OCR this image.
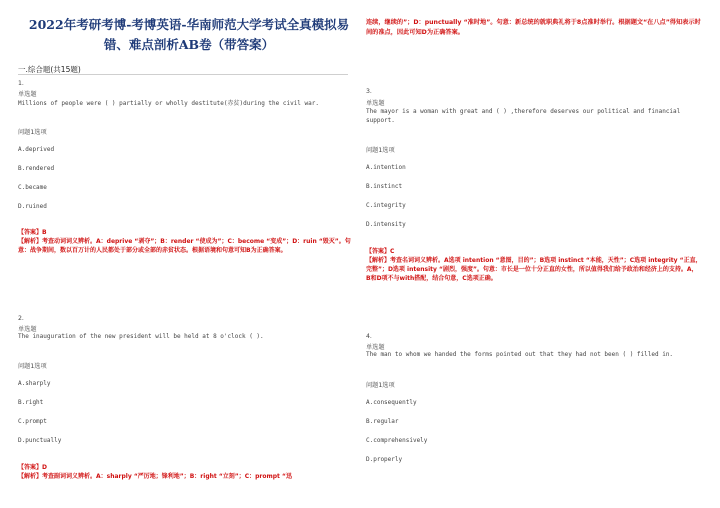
2022年考研考博-考博英语-华南师范大学考试全真模拟易错、难点剖析AB卷（带答案）
一.综合题(共15题)
连续，继续的”；D：punctually “准时地”。句意：新总统的就职典礼将于8点准时举行。根据题文“在八点”得知表示时间的准点，因此可知D为正确答案。
1.
单选题
Millions of people were ( ) partially or wholly destitute(赤贫)during the civil war.
问题1选项
A.deprived
B.rendered
C.became
D.ruined
【答案】B
【解析】考查动词词义辨析。A：deprive “剥夺”；B：render “使成为”；C：become “变成”；D：ruin “毁灭”。句意：战争期间，数以百万计的人民都处于部分或全部的赤贫状态。根据语境和句意可知B为正确答案。
2.
单选题
The inauguration of the new president will be held at 8 o'clock ( ).
问题1选项
A.sharply
B.right
C.prompt
D.punctually
【答案】D
【解析】考查副词词义辨析。A：sharply “严厉地；锋利地”；B：right “立刻”；C：prompt “迅
3.
单选题
The mayor is a woman with great and ( ) ,therefore deserves our political and financial support.
问题1选项
A.intention
B.instinct
C.integrity
D.intensity
【答案】C
【解析】考查名词词义辨析。A选项 intention “意图，目的”；B选项 instinct “本能，天性”；C选项 integrity “正直，完整”；D选项 intensity “剧烈，强度”。句意：市长是一位十分正直的女性，所以值得我们给予政治和经济上的支持。A，B和D项不与with搭配，结合句意，C选项正确。
4.
单选题
The man to whom we handed the forms pointed out that they had not been ( ) filled in.
问题1选项
A.consequently
B.regular
C.comprehensively
D.properly
